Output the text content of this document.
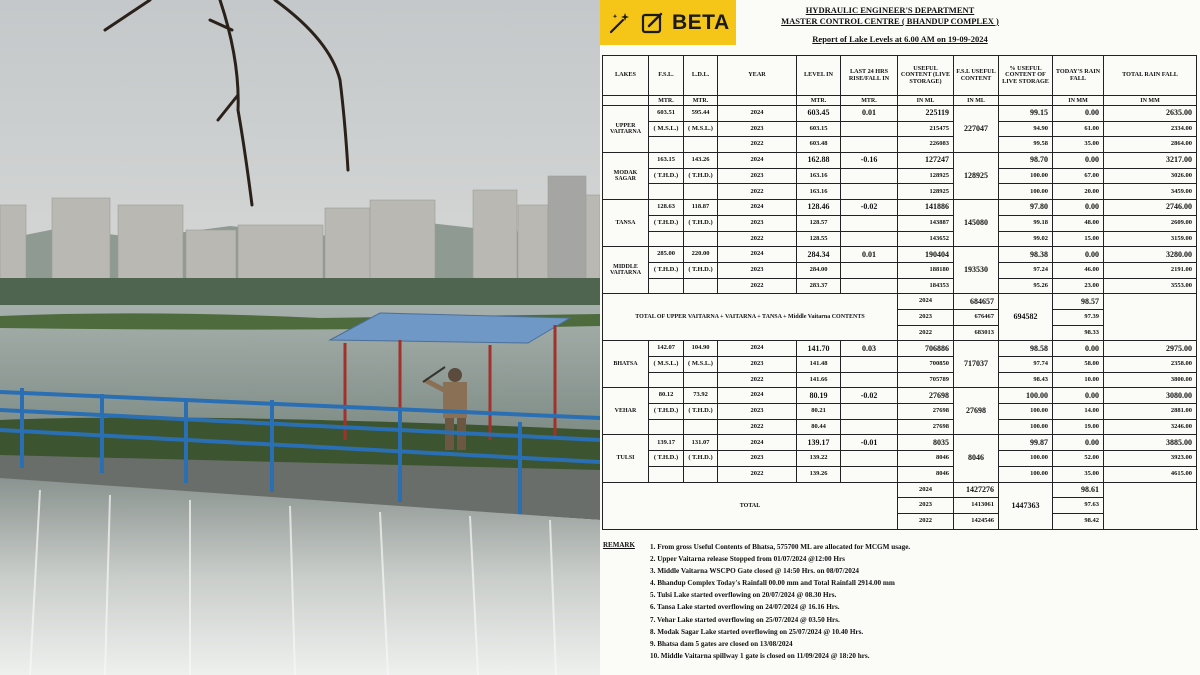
BETA
HYDRAULIC ENGINEER'S DEPARTMENT
MASTER CONTROL CENTRE ( BHANDUP COMPLEX )
Report of Lake Levels at 6.00 AM on 19-09-2024
LAKES	F.S.L.	L.D.L.	YEAR	LEVEL IN	LAST 24 HRS RISE/FALL IN	USEFUL CONTENT (LIVE STORAGE)	F.S.L USEFUL CONTENT	% USEFUL CONTENT OF LIVE STORAGE	TODAY'S RAIN FALL	TOTAL RAIN FALL
	MTR.	MTR.		MTR.	MTR.	IN ML	IN ML		IN MM	IN MM
UPPER VAITARNA	603.51	595.44	2024	603.45	0.01	225119	227047	99.15	0.00	2635.00
	( M.S.L.)	( M.S.L.)	2023	603.15		215475		94.90	61.00	2334.00
			2022	603.48		226083		99.58	35.00	2864.00
MODAK SAGAR	163.15	143.26	2024	162.88	-0.16	127247	128925	98.70	0.00	3217.00
	( T.H.D.)	( T.H.D.)	2023	163.16		128925		100.00	67.00	3026.00
			2022	163.16		128925		100.00	20.00	3459.00
TANSA	128.63	118.87	2024	128.46	-0.02	141886	145080	97.80	0.00	2746.00
	( T.H.D.)	( T.H.D.)	2023	128.57		143887		99.18	48.00	2609.00
			2022	128.55		143652		99.02	15.00	3159.00
MIDDLE VAITARNA	285.00	220.00	2024	284.34	0.01	190404	193530	98.38	0.00	3280.00
	( T.H.D.)	( T.H.D.)	2023	284.00		188180		97.24	46.00	2191.00
			2022	283.37		184353		95.26	23.00	3553.00
TOTAL OF UPPER VAITARNA + VAITARNA + TANSA + Middle Vaitarna CONTENTS						2024	684657	694582	98.57	
						2023	676467		97.39	
						2022	683013		98.33	
BHATSA	142.07	104.90	2024	141.70	0.03	706886	717037	98.58	0.00	2975.00
	( M.S.L.)	( M.S.L.)	2023	141.48		700850		97.74	58.00	2358.00
			2022	141.66		705789		98.43	10.00	3800.00
VEHAR	80.12	73.92	2024	80.19	-0.02	27698	27698	100.00	0.00	3080.00
	( T.H.D.)	( T.H.D.)	2023	80.21		27698		100.00	14.00	2881.00
			2022	80.44		27698		100.00	19.00	3246.00
TULSI	139.17	131.07	2024	139.17	-0.01	8035	8046	99.87	0.00	3885.00
	( T.H.D.)	( T.H.D.)	2023	139.22		8046		100.00	52.00	3923.00
			2022	139.26		8046		100.00	35.00	4615.00
TOTAL						2024	1427276	1447363	98.61	
						2023	1413061		97.63	
						2022	1424546		98.42	
REMARK 1. From gross Useful Contents of Bhatsa, 575700 ML are allocated for MCGM usage.
2. Upper Vaitarna release Stopped from 01/07/2024 @12:00 Hrs
3. Middle Vaitarna WSCPO Gate closed @ 14:50 Hrs. on 08/07/2024
4. Bhandup Complex Today's Rainfall 00.00 mm and Total Rainfall 2914.00 mm
5. Tulsi Lake started overflowing on 20/07/2024 @ 08.30 Hrs.
6. Tansa Lake started overflowing on 24/07/2024 @ 16.16 Hrs.
7. Vehar Lake started overflowing on 25/07/2024 @ 03.50 Hrs.
8. Modak Sagar Lake started overflowing on 25/07/2024 @ 10.40 Hrs.
9. Bhatsa dam 5 gates are closed on 13/08/2024
10. Middle Vaitarna spillway 1 gate is closed on 11/09/2024 @ 18:20 hrs.
